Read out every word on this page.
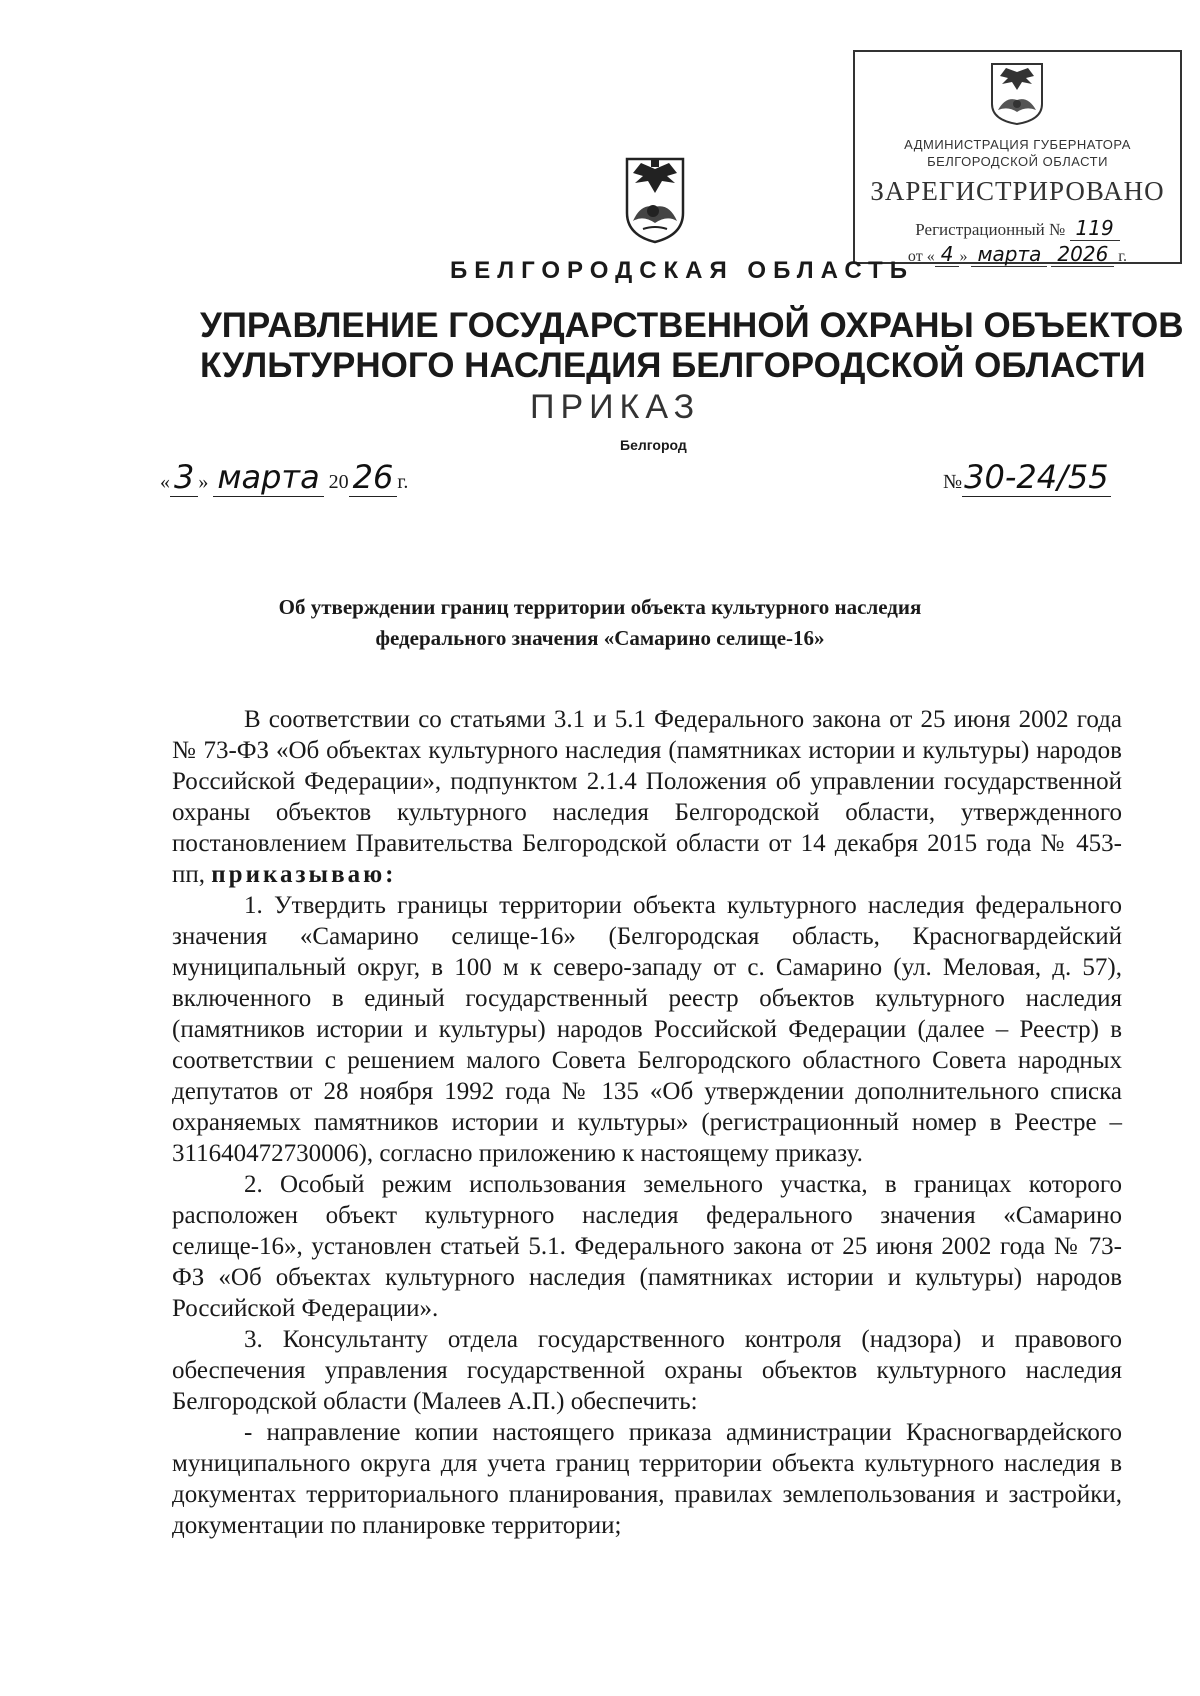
АДМИНИСТРАЦИЯ ГУБЕРНАТОРА
БЕЛГОРОДСКОЙ ОБЛАСТИ
ЗАРЕГИСТРИРОВАНО
Регистрационный № 119
от « 4 » марта 2026 г.
БЕЛГОРОДСКАЯ ОБЛАСТЬ
УПРАВЛЕНИЕ ГОСУДАРСТВЕННОЙ ОХРАНЫ ОБЪЕКТОВ
КУЛЬТУРНОГО НАСЛЕДИЯ БЕЛГОРОДСКОЙ ОБЛАСТИ
ПРИКАЗ
Белгород
« 3 » марта 20 26 г.	№30-24/55
Об утверждении границ территории объекта культурного наследия
федерального значения «Самарино селище-16»

В соответствии со статьями 3.1 и 5.1 Федерального закона от 25 июня 2002 года № 73-ФЗ «Об объектах культурного наследия (памятниках истории и культуры) народов Российской Федерации», подпунктом 2.1.4 Положения об управлении государственной охраны объектов культурного наследия Белгородской области, утвержденного постановлением Правительства Белгородской области от 14 декабря 2015 года № 453-пп, приказываю:

1. Утвердить границы территории объекта культурного наследия федерального значения «Самарино селище-16» (Белгородская область, Красногвардейский муниципальный округ, в 100 м к северо-западу от с. Самарино (ул. Меловая, д. 57), включенного в единый государственный реестр объектов культурного наследия (памятников истории и культуры) народов Российской Федерации (далее – Реестр) в соответствии с решением малого Совета Белгородского областного Совета народных депутатов от 28 ноября 1992 года № 135 «Об утверждении дополнительного списка охраняемых памятников истории и культуры» (регистрационный номер в Реестре – 311640472730006), согласно приложению к настоящему приказу.

2. Особый режим использования земельного участка, в границах которого расположен объект культурного наследия федерального значения «Самарино селище-16», установлен статьей 5.1. Федерального закона от 25 июня 2002 года № 73-ФЗ «Об объектах культурного наследия (памятниках истории и культуры) народов Российской Федерации».

3. Консультанту отдела государственного контроля (надзора) и правового обеспечения управления государственной охраны объектов культурного наследия Белгородской области (Малеев А.П.) обеспечить:

- направление копии настоящего приказа администрации Красногвардейского муниципального округа для учета границ территории объекта культурного наследия в документах территориального планирования, правилах землепользования и застройки, документации по планировке территории;
